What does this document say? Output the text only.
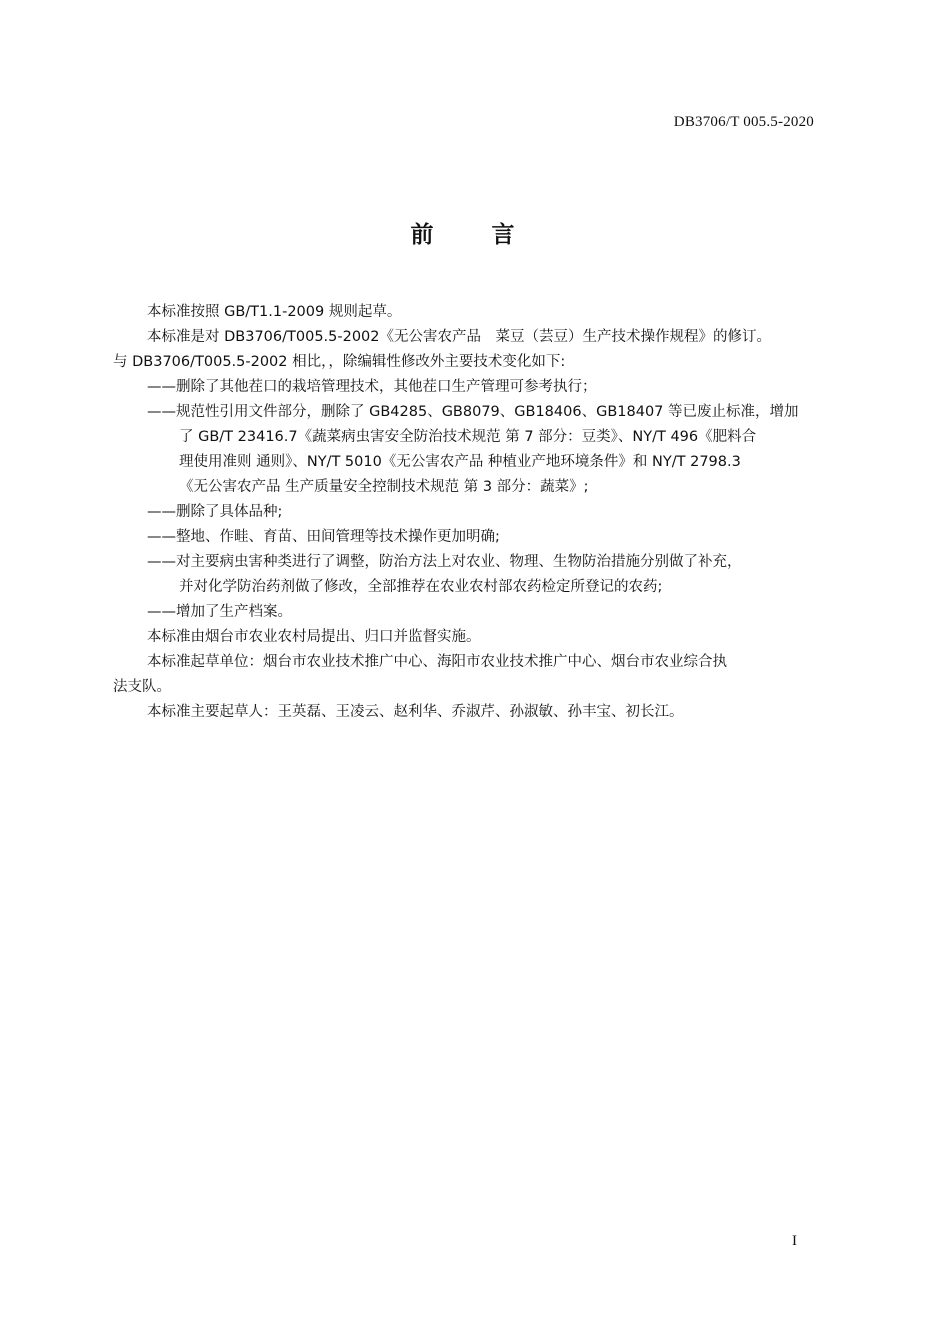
DB3706/T 005.5-2020
前言

本标准按照 GB/T1.1-2009 规则起草。

本标准是对 DB3706/T005.5-2002《无公害农产品　菜豆（芸豆）生产技术操作规程》的修订。

与 DB3706/T005.5-2002 相比，，除编辑性修改外主要技术变化如下:

——删除了其他茬口的栽培管理技术，其他茬口生产管理可参考执行；

——规范性引用文件部分，删除了 GB4285、GB8079、GB18406、GB18407 等已废止标准，增加

了 GB/T 23416.7《蔬菜病虫害安全防治技术规范 第 7 部分：豆类》、NY/T 496《肥料合

理使用准则 通则》、NY/T 5010《无公害农产品 种植业产地环境条件》和 NY/T 2798.3

《无公害农产品 生产质量安全控制技术规范 第 3 部分：蔬菜》;

——删除了具体品种;

——整地、作畦、育苗、田间管理等技术操作更加明确;

——对主要病虫害种类进行了调整，防治方法上对农业、物理、生物防治措施分别做了补充，

并对化学防治药剂做了修改，全部推荐在农业农村部农药检定所登记的农药;

——增加了生产档案。

本标准由烟台市农业农村局提出、归口并监督实施。

本标准起草单位：烟台市农业技术推广中心、海阳市农业技术推广中心、烟台市农业综合执

法支队。

本标准主要起草人：王英磊、王凌云、赵利华、乔淑芹、孙淑敏、孙丰宝、初长江。

I
